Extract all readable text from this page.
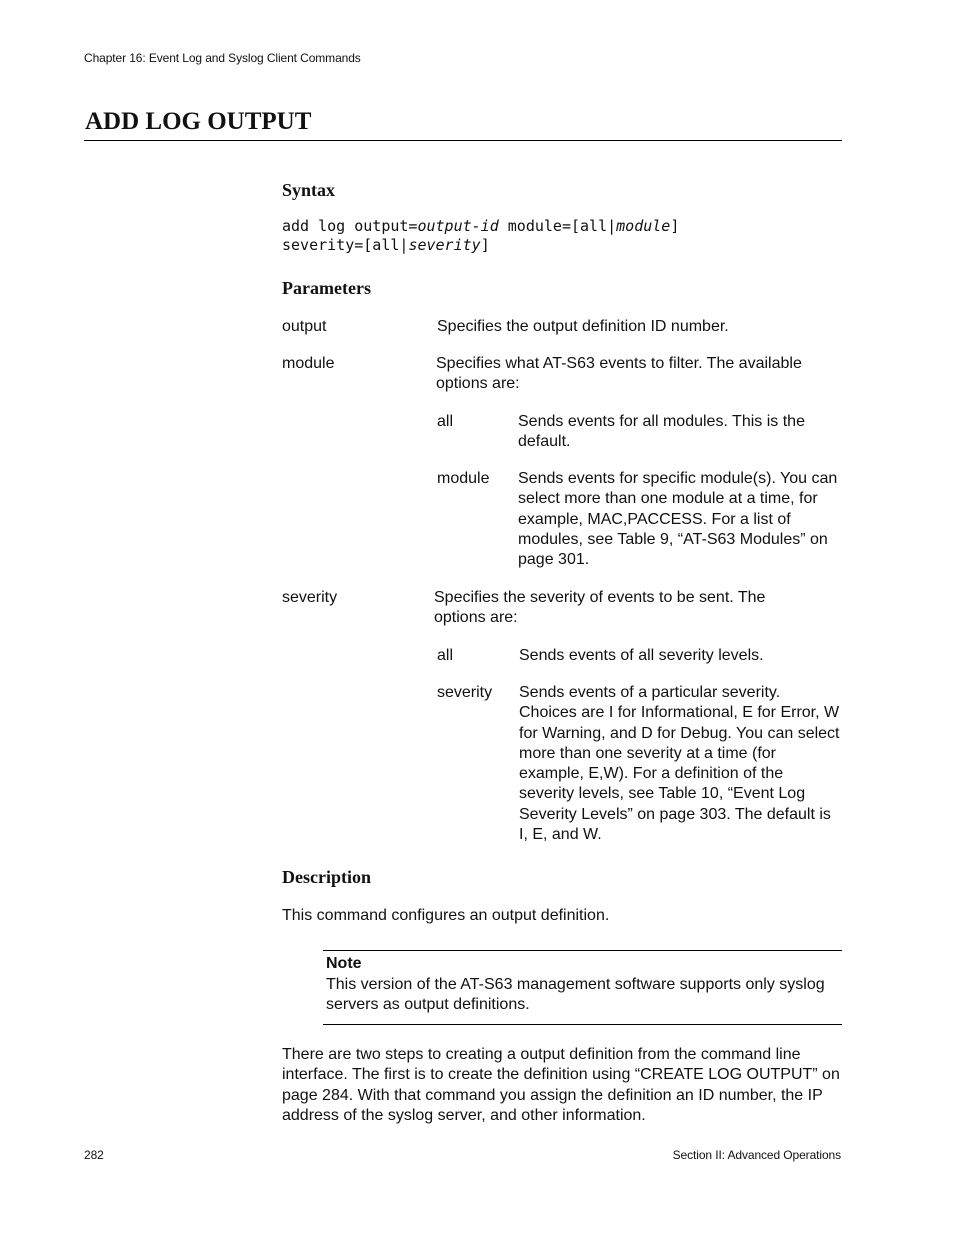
Chapter 16: Event Log and Syslog Client Commands
ADD LOG OUTPUT
Syntax
add log output=output-id module=[all|module]
severity=[all|severity]
Parameters
output	Specifies the output definition ID number.
module	Specifies what AT-S63 events to filter. The available options are:
all	Sends events for all modules. This is the default.
module Sends events for specific module(s). You can select more than one module at a time, for example, MAC,PACCESS. For a list of modules, see Table 9, “AT-S63 Modules” on page 301.
severity	Specifies the severity of events to be sent. The options are:
all	Sends events of all severity levels.
severity Sends events of a particular severity. Choices are I for Informational, E for Error, W for Warning, and D for Debug. You can select more than one severity at a time (for example, E,W). For a definition of the severity levels, see Table 10, “Event Log Severity Levels” on page 303. The default is I, E, and W.
Description
This command configures an output definition.
Note
This version of the AT-S63 management software supports only syslog servers as output definitions.
There are two steps to creating a output definition from the command line interface. The first is to create the definition using “CREATE LOG OUTPUT” on page 284. With that command you assign the definition an ID number, the IP address of the syslog server, and other information.
282	Section II: Advanced Operations
